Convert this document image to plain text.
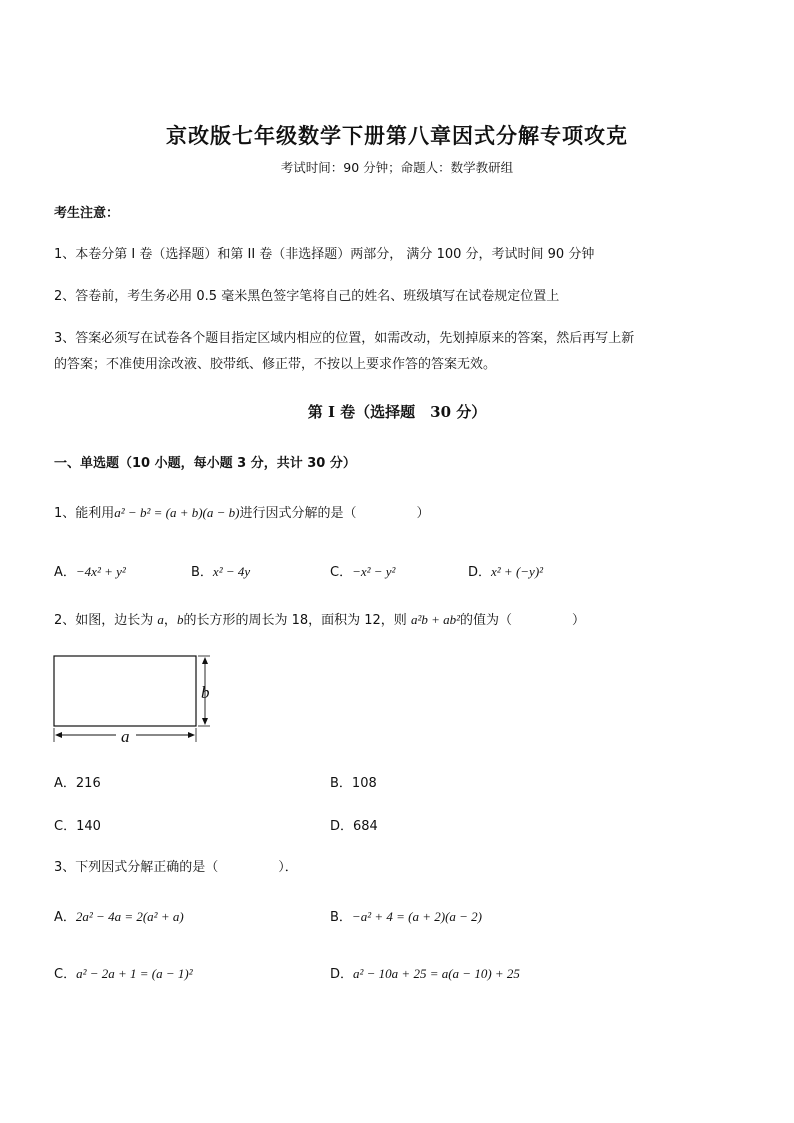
京改版七年级数学下册第八章因式分解专项攻克
考试时间：90 分钟；命题人：数学教研组
考生注意：
1、本卷分第 I 卷（选择题）和第 II 卷（非选择题）两部分， 满分 100 分，考试时间 90 分钟
2、答卷前，考生务必用 0.5 毫米黑色签字笔将自己的姓名、班级填写在试卷规定位置上
3、答案必须写在试卷各个题目指定区域内相应的位置，如需改动，先划掉原来的答案，然后再写上新
的答案；不准使用涂改液、胶带纸、修正带，不按以上要求作答的答案无效。
第 I 卷（选择题　30 分）
一、单选题（10 小题，每小题 3 分，共计 30 分）
1、能利用a² − b² = (a + b)(a − b)进行因式分解的是（	）
A．−4x² + y²	B．x² − 4y	C．−x² − y²	D．x² + (−y)²
2、如图，边长为 a，b的长方形的周长为 18，面积为 12，则 a²b + ab²的值为（	）
b
a
A．216	B．108
C．140	D．684
3、下列因式分解正确的是（	）．
A．2a² − 4a = 2(a² + a)	B．−a² + 4 = (a + 2)(a − 2)
C．a² − 2a + 1 = (a − 1)²	D．a² − 10a + 25 = a(a − 10) + 25
